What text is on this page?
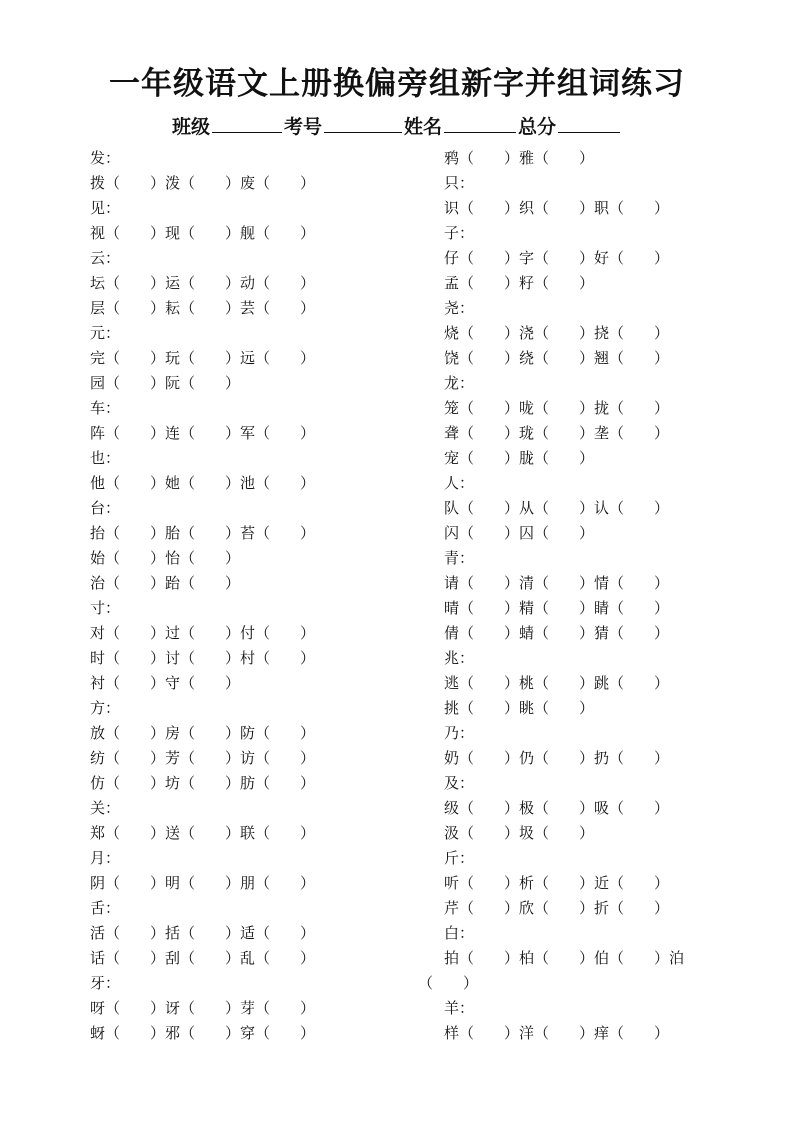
一年级语文上册换偏旁组新字并组词练习
班级	考号	姓名	总分
发：
拨（　　）泼（　　）废（　　）
见：
视（　　）现（　　）舰（　　）
云：
坛（　　）运（　　）动（　　）
层（　　）耘（　　）芸（　　）
元：
完（　　）玩（　　）远（　　）
园（　　）阮（　　）
车：
阵（　　）连（　　）军（　　）
也：
他（　　）她（　　）池（　　）
台：
抬（　　）胎（　　）苔（　　）
始（　　）怡（　　）
治（　　）跆（　　）
寸：
对（　　）过（　　）付（　　）
时（　　）讨（　　）村（　　）
衬（　　）守（　　）
方：
放（　　）房（　　）防（　　）
纺（　　）芳（　　）访（　　）
仿（　　）坊（　　）肪（　　）
关：
郑（　　）送（　　）联（　　）
月：
阴（　　）明（　　）朋（　　）
舌：
活（　　）括（　　）适（　　）
话（　　）刮（　　）乱（　　）
牙：
呀（　　）讶（　　）芽（　　）
蚜（　　）邪（　　）穿（　　）
鸦（　　）雅（　　）
只：
识（　　）织（　　）职（　　）
子：
仔（　　）字（　　）好（　　）
孟（　　）籽（　　）
尧：
烧（　　）浇（　　）挠（　　）
饶（　　）绕（　　）翘（　　）
龙：
笼（　　）咙（　　）拢（　　）
聋（　　）珑（　　）垄（　　）
宠（　　）胧（　　）
人：
队（　　）从（　　）认（　　）
闪（　　）囚（　　）
青：
请（　　）清（　　）情（　　）
晴（　　）精（　　）睛（　　）
倩（　　）蜻（　　）猜（　　）
兆：
逃（　　）桃（　　）跳（　　）
挑（　　）眺（　　）
乃：
奶（　　）仍（　　）扔（　　）
及：
级（　　）极（　　）吸（　　）
汲（　　）圾（　　）
斤：
听（　　）析（　　）近（　　）
芹（　　）欣（　　）折（　　）
白：
拍（　　）柏（　　）伯（　　）泊
（　　）
羊：
样（　　）洋（　　）痒（　　）
